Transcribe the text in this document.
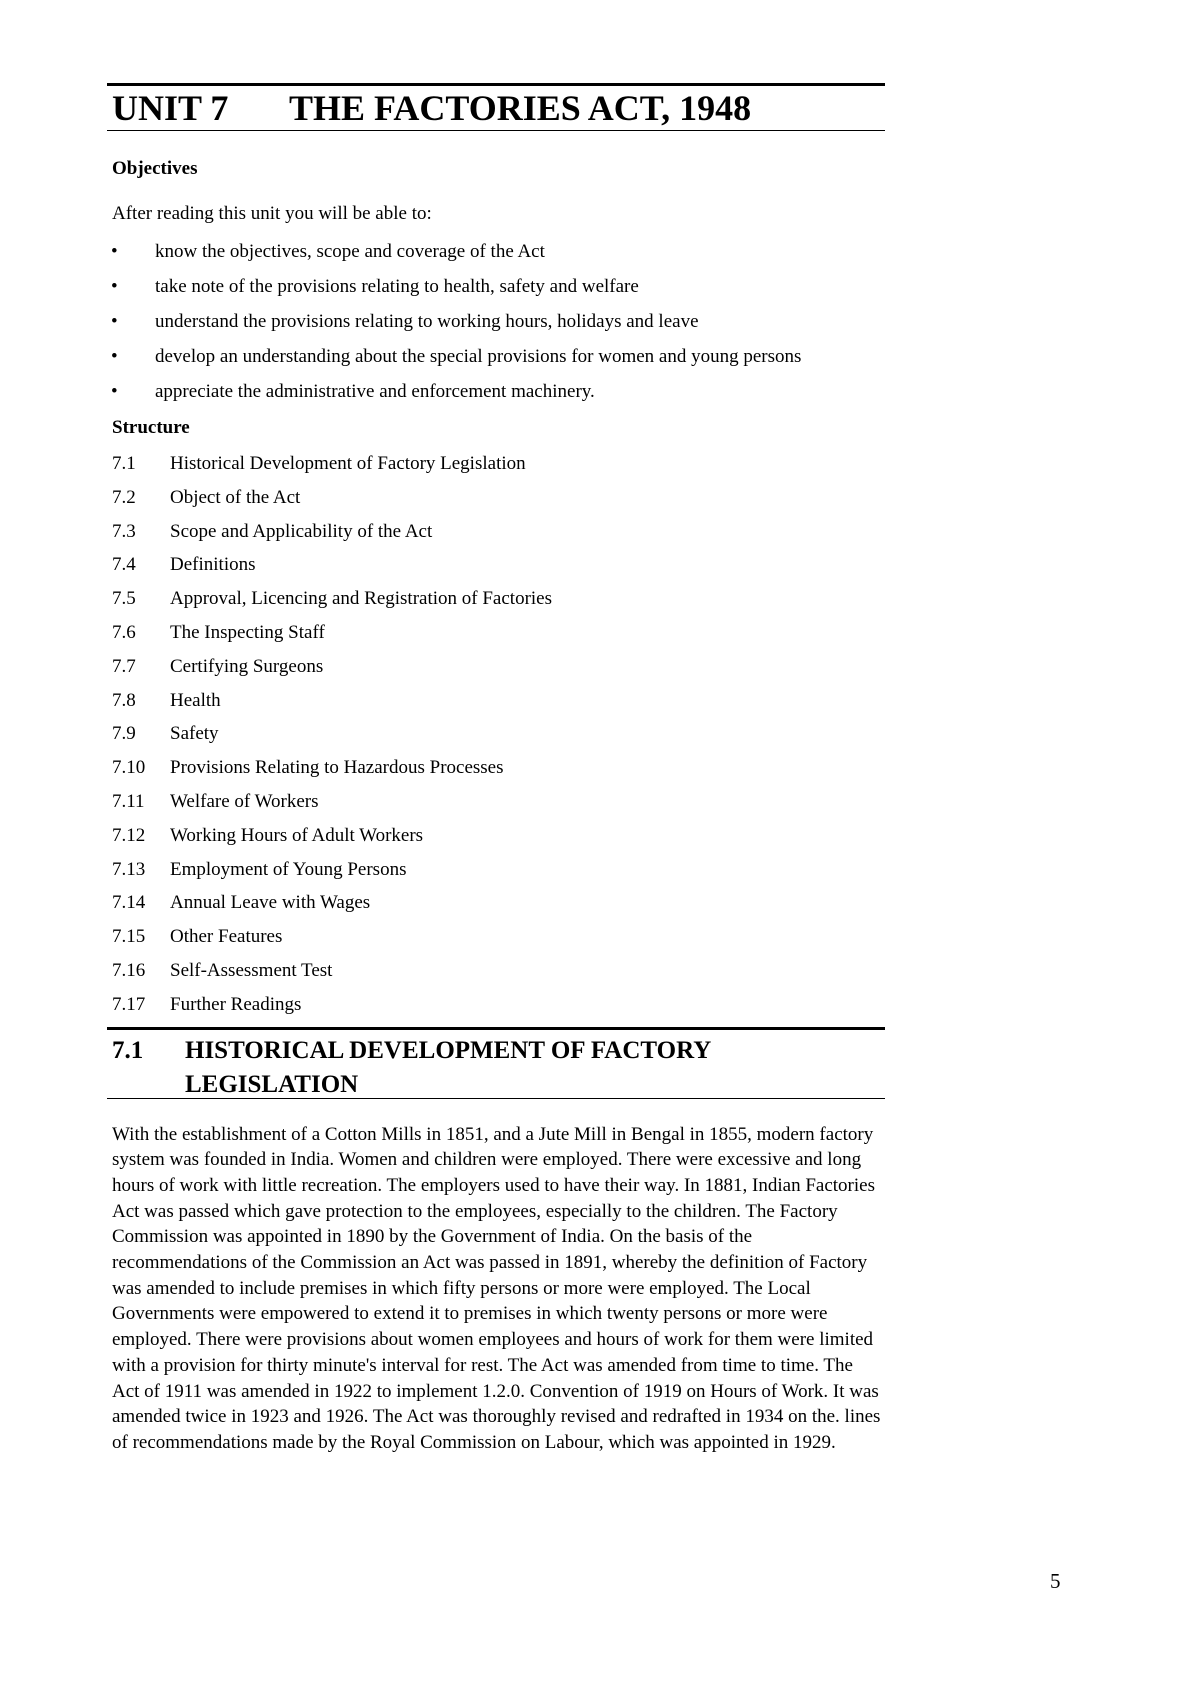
UNIT 7	THE FACTORIES ACT, 1948
Objectives
After reading this unit you will be able to:
• know the objectives, scope and coverage of the Act
• take note of the provisions relating to health, safety and welfare
• understand the provisions relating to working hours, holidays and leave
• develop an understanding about the special provisions for women and young persons
• appreciate the administrative and enforcement machinery.
Structure
7.1	Historical Development of Factory Legislation
7.2	Object of the Act
7.3	Scope and Applicability of the Act
7.4	Definitions
7.5	Approval, Licencing and Registration of Factories
7.6	The Inspecting Staff
7.7	Certifying Surgeons
7.8	Health
7.9	Safety
7.10	Provisions Relating to Hazardous Processes
7.11	Welfare of Workers
7.12	Working Hours of Adult Workers
7.13	Employment of Young Persons
7.14	Annual Leave with Wages
7.15	Other Features
7.16	Self-Assessment Test
7.17	Further Readings
7.1	HISTORICAL DEVELOPMENT OF FACTORY LEGISLATION
With the establishment of a Cotton Mills in 1851, and a Jute Mill in Bengal in 1855, modern factory system was founded in India. Women and children were employed. There were excessive and long hours of work with little recreation. The employers used to have their way. In 1881, Indian Factories Act was passed which gave protection to the employees, especially to the children. The Factory Commission was appointed in 1890 by the Government of India. On the basis of the recommendations of the Commission an Act was passed in 1891, whereby the definition of Factory was amended to include premises in which fifty persons or more were employed. The Local Governments were empowered to extend it to premises in which twenty persons or more were employed. There were provisions about women employees and hours of work for them were limited with a provision for thirty minute's interval for rest. The Act was amended from time to time. The Act of 1911 was amended in 1922 to implement 1.2.0. Convention of 1919 on Hours of Work. It was amended twice in 1923 and 1926. The Act was thoroughly revised and redrafted in 1934 on the. lines of recommendations made by the Royal Commission on Labour, which was appointed in 1929.
5
